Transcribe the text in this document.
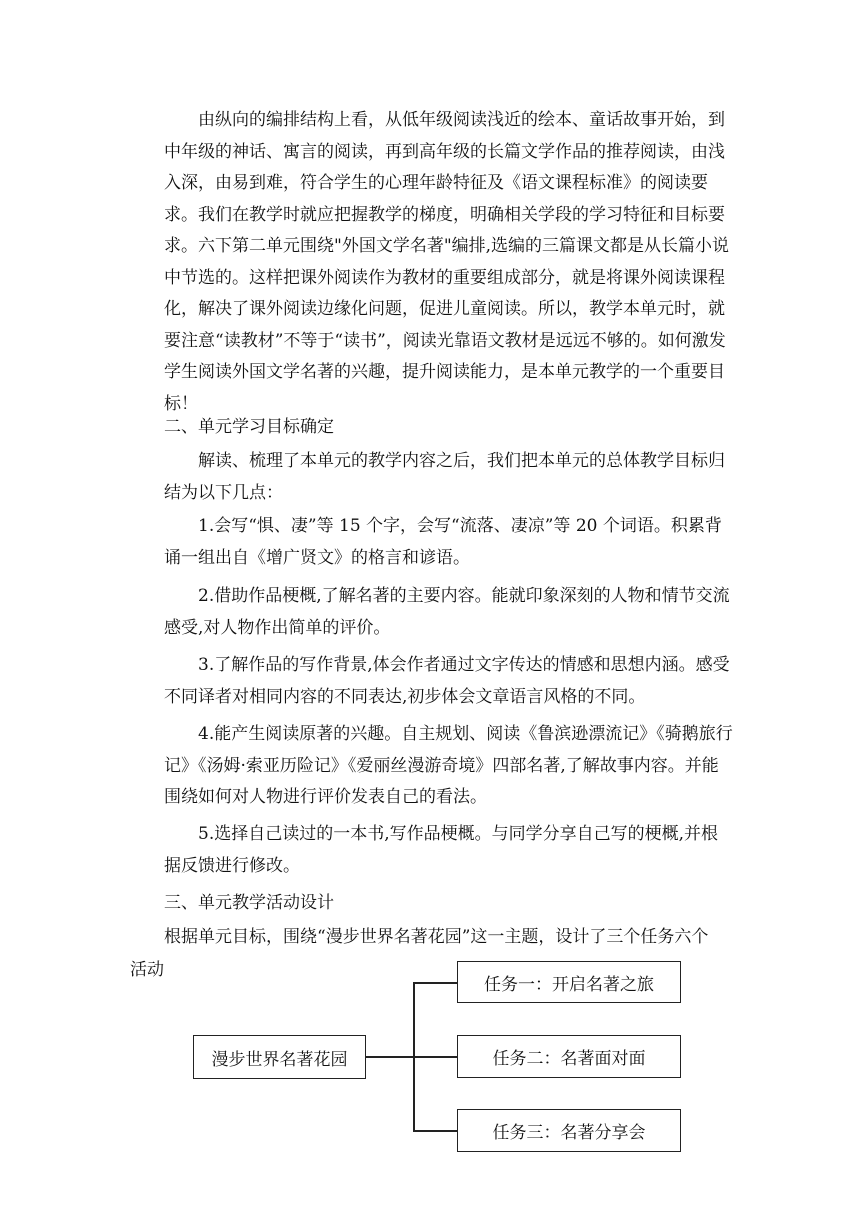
由纵向的编排结构上看，从低年级阅读浅近的绘本、童话故事开始，到中年级的神话、寓言的阅读，再到高年级的长篇文学作品的推荐阅读，由浅入深，由易到难，符合学生的心理年龄特征及《语文课程标准》的阅读要求。我们在教学时就应把握教学的梯度，明确相关学段的学习特征和目标要求。六下第二单元围绕"外国文学名著"编排,选编的三篇课文都是从长篇小说中节选的。这样把课外阅读作为教材的重要组成部分，就是将课外阅读课程化，解决了课外阅读边缘化问题，促进儿童阅读。所以，教学本单元时，就要注意“读教材”不等于“读书”，阅读光靠语文教材是远远不够的。如何激发学生阅读外国文学名著的兴趣，提升阅读能力，是本单元教学的一个重要目标！

二、单元学习目标确定

解读、梳理了本单元的教学内容之后，我们把本单元的总体教学目标归结为以下几点：

1.会写“惧、凄”等 15 个字，会写“流落、凄凉”等 20 个词语。积累背诵一组出自《增广贤文》的格言和谚语。

2.借助作品梗概,了解名著的主要内容。能就印象深刻的人物和情节交流感受,对人物作出简单的评价。

3.了解作品的写作背景,体会作者通过文字传达的情感和思想内涵。感受不同译者对相同内容的不同表达,初步体会文章语言风格的不同。

4.能产生阅读原著的兴趣。自主规划、阅读《鲁滨逊漂流记》《骑鹅旅行记》《汤姆·索亚历险记》《爱丽丝漫游奇境》四部名著,了解故事内容。并能围绕如何对人物进行评价发表自己的看法。

5.选择自己读过的一本书,写作品梗概。与同学分享自己写的梗概,并根据反馈进行修改。

三、单元教学活动设计
根据单元目标，围绕“漫步世界名著花园”这一主题，设计了三个任务六个
活动
漫步世界名著花园
任务一：开启名著之旅
任务二：名著面对面
任务三：名著分享会
